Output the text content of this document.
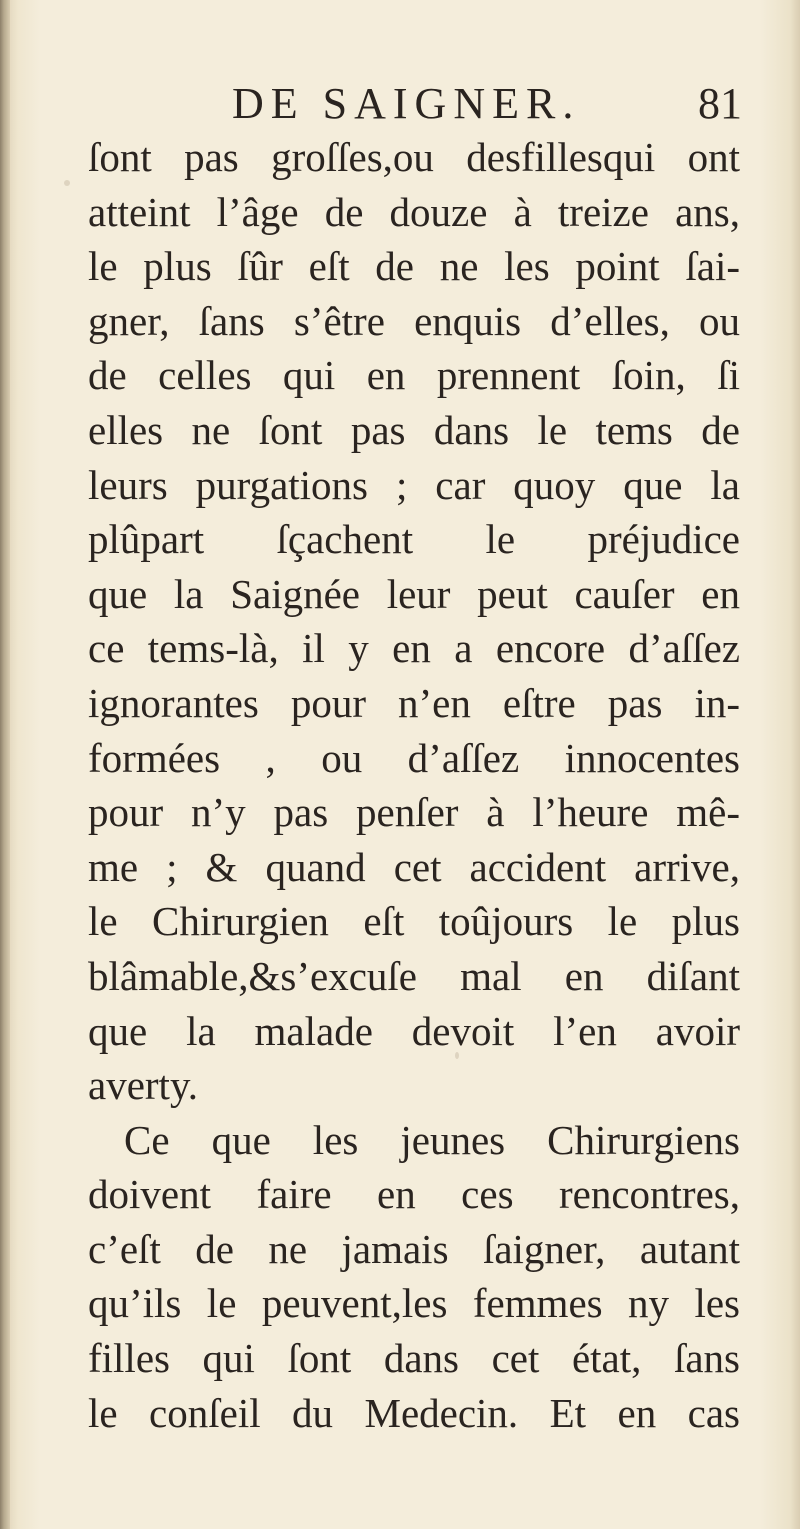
DE SAIGNER.	81
ſont pas groſſes,ou desfillesqui ont
atteint l’âge de douze à treize ans,
le plus ſûr eſt de ne les point ſai-
gner, ſans s’être enquis d’elles, ou
de celles qui en prennent ſoin, ſi
elles ne ſont pas dans le tems de
leurs purgations ; car quoy que la
plûpart ſçachent le préjudice
que la Saignée leur peut cauſer en
ce tems-là, il y en a encore d’aſſez
ignorantes pour n’en eſtre pas in-
formées , ou d’aſſez innocentes
pour n’y pas penſer à l’heure mê-
me ; & quand cet accident arrive,
le Chirurgien eſt toûjours le plus
blâmable,&s’excuſe mal en diſant
que la malade devoit l’en avoir
averty.
Ce que les jeunes Chirurgiens
doivent faire en ces rencontres,
c’eſt de ne jamais ſaigner, autant
qu’ils le peuvent,les femmes ny les
filles qui ſont dans cet état, ſans
le conſeil du Medecin. Et en cas
